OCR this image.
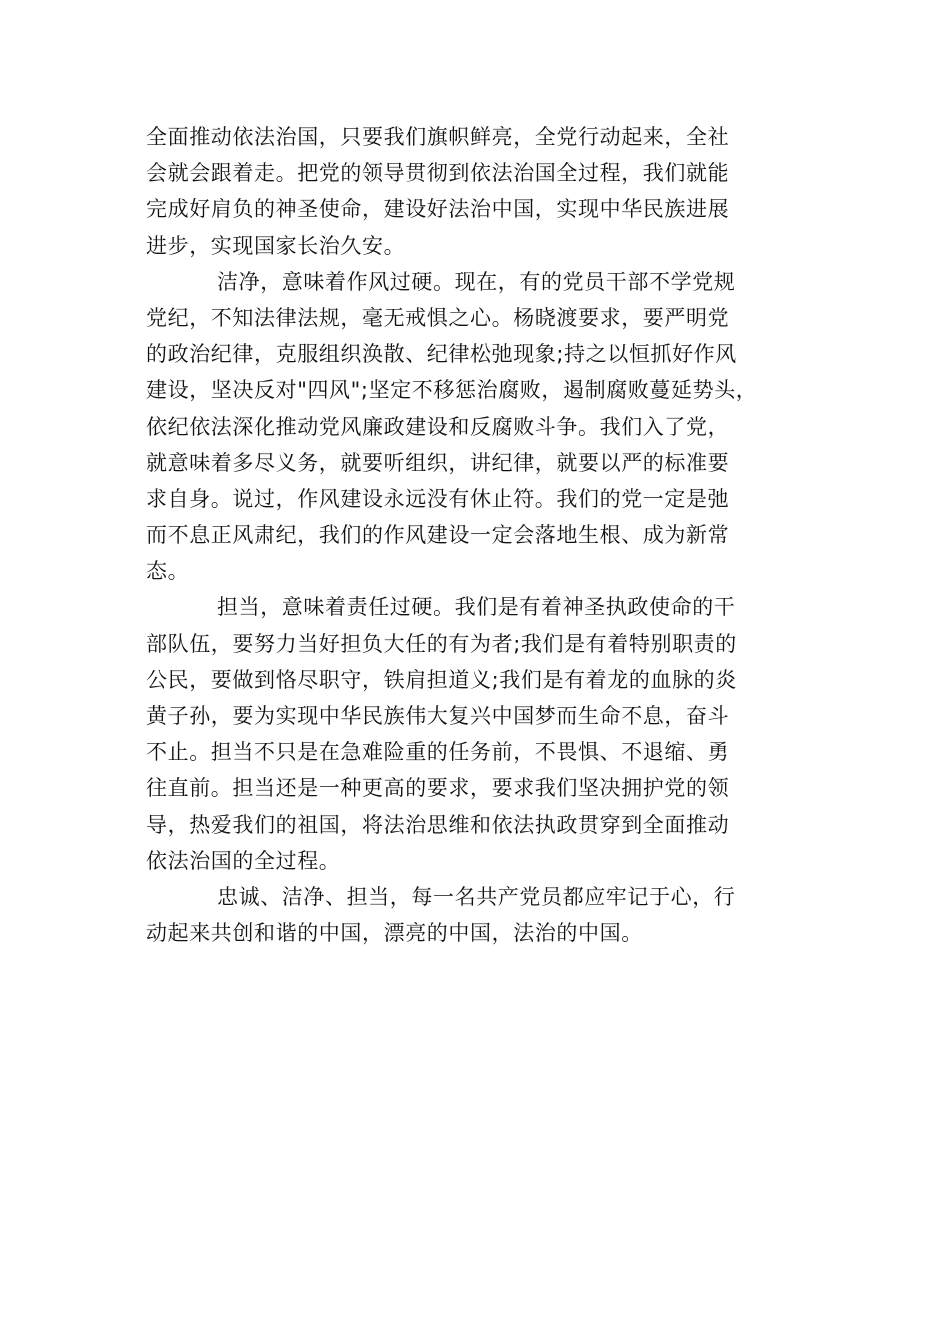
全面推动依法治国，只要我们旗帜鲜亮，全党行动起来，全社
会就会跟着走。把党的领导贯彻到依法治国全过程，我们就能
完成好肩负的神圣使命，建设好法治中国，实现中华民族进展
进步，实现国家长治久安。
洁净，意味着作风过硬。现在，有的党员干部不学党规
党纪，不知法律法规，毫无戒惧之心。杨晓渡要求，要严明党
的政治纪律，克服组织涣散、纪律松弛现象;持之以恒抓好作风
建设，坚决反对"四风";坚定不移惩治腐败，遏制腐败蔓延势头，
依纪依法深化推动党风廉政建设和反腐败斗争。我们入了党，
就意味着多尽义务，就要听组织，讲纪律，就要以严的标准要
求自身。说过，作风建设永远没有休止符。我们的党一定是弛
而不息正风肃纪，我们的作风建设一定会落地生根、成为新常
态。
担当，意味着责任过硬。我们是有着神圣执政使命的干
部队伍，要努力当好担负大任的有为者;我们是有着特别职责的
公民，要做到恪尽职守，铁肩担道义;我们是有着龙的血脉的炎
黄子孙，要为实现中华民族伟大复兴中国梦而生命不息，奋斗
不止。担当不只是在急难险重的任务前，不畏惧、不退缩、勇
往直前。担当还是一种更高的要求，要求我们坚决拥护党的领
导，热爱我们的祖国，将法治思维和依法执政贯穿到全面推动
依法治国的全过程。
忠诚、洁净、担当，每一名共产党员都应牢记于心，行
动起来共创和谐的中国，漂亮的中国，法治的中国。
